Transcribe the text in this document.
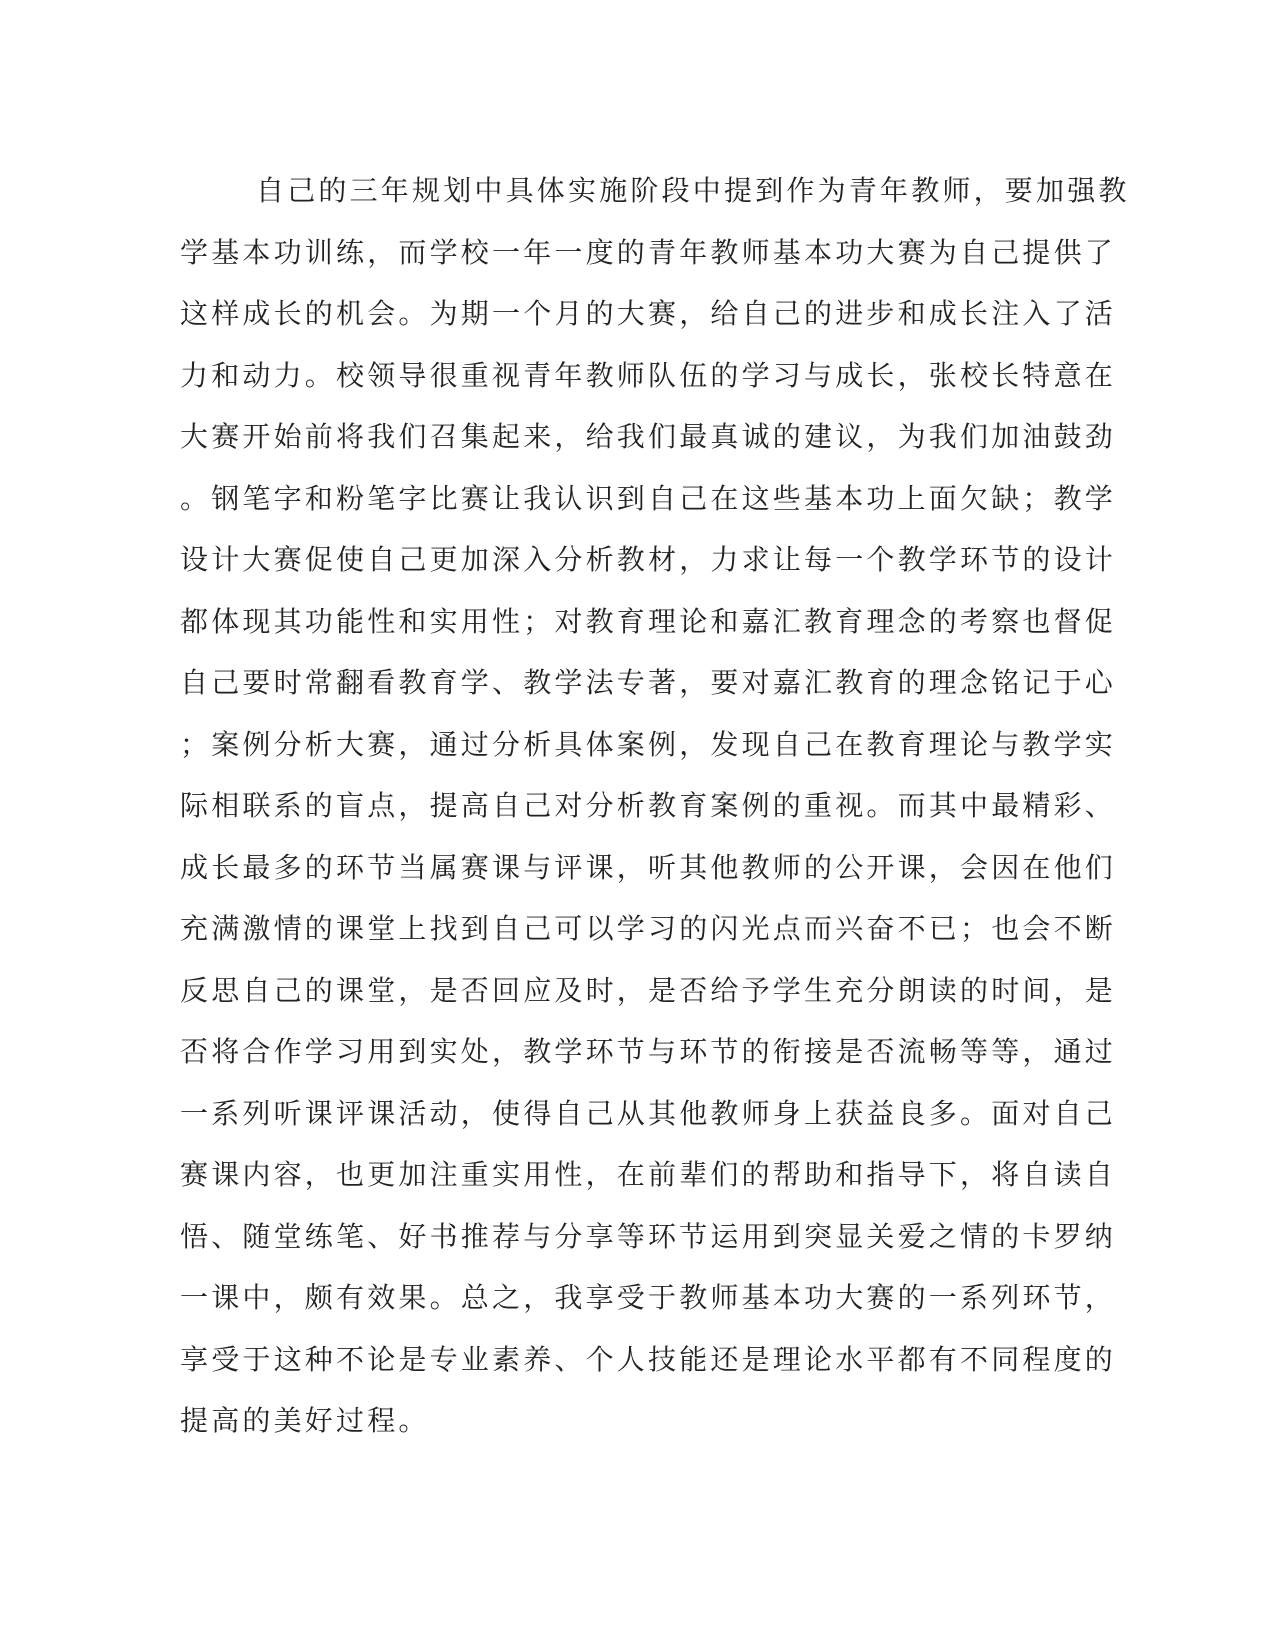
自己的三年规划中具体实施阶段中提到作为青年教师，要加强教
学基本功训练，而学校一年一度的青年教师基本功大赛为自己提供了
这样成长的机会。为期一个月的大赛，给自己的进步和成长注入了活
力和动力。校领导很重视青年教师队伍的学习与成长，张校长特意在
大赛开始前将我们召集起来，给我们最真诚的建议，为我们加油鼓劲
。钢笔字和粉笔字比赛让我认识到自己在这些基本功上面欠缺；教学
设计大赛促使自己更加深入分析教材，力求让每一个教学环节的设计
都体现其功能性和实用性；对教育理论和嘉汇教育理念的考察也督促
自己要时常翻看教育学、教学法专著，要对嘉汇教育的理念铭记于心
；案例分析大赛，通过分析具体案例，发现自己在教育理论与教学实
际相联系的盲点，提高自己对分析教育案例的重视。而其中最精彩、
成长最多的环节当属赛课与评课，听其他教师的公开课，会因在他们
充满激情的课堂上找到自己可以学习的闪光点而兴奋不已；也会不断
反思自己的课堂，是否回应及时，是否给予学生充分朗读的时间，是
否将合作学习用到实处，教学环节与环节的衔接是否流畅等等，通过
一系列听课评课活动，使得自己从其他教师身上获益良多。面对自己
赛课内容，也更加注重实用性，在前辈们的帮助和指导下，将自读自
悟、随堂练笔、好书推荐与分享等环节运用到突显关爱之情的卡罗纳
一课中，颇有效果。总之，我享受于教师基本功大赛的一系列环节，
享受于这种不论是专业素养、个人技能还是理论水平都有不同程度的
提高的美好过程。
